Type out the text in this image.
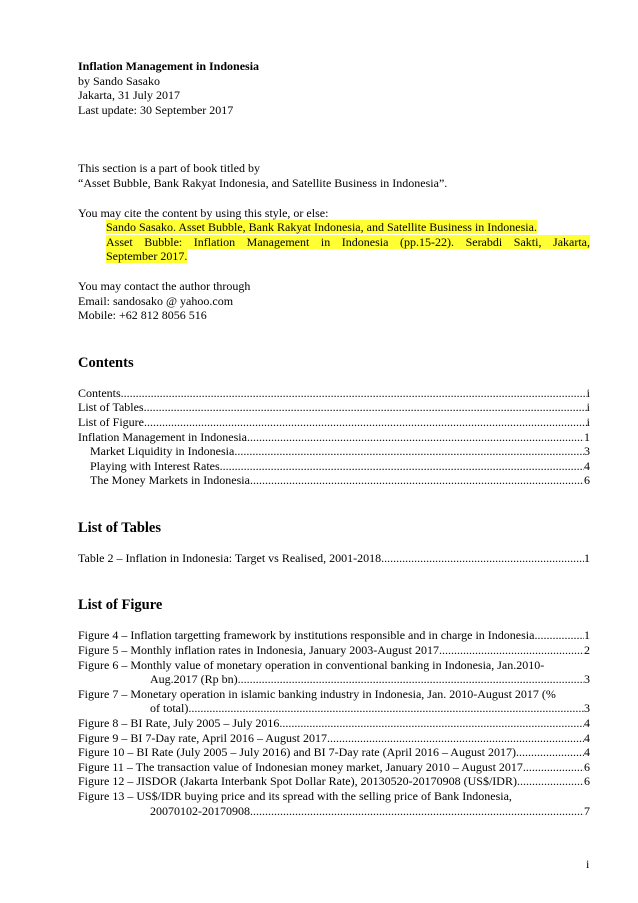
Inflation Management in Indonesia
by Sando Sasako
Jakarta, 31 July 2017
Last update: 30 September 2017
This section is a part of book titled by
“Asset Bubble, Bank Rakyat Indonesia, and Satellite Business in Indonesia”.
You may cite the content by using this style, or else:
Sando Sasako. Asset Bubble, Bank Rakyat Indonesia, and Satellite Business in Indonesia.
Asset Bubble: Inflation Management in Indonesia (pp.15-22). Serabdi Sakti, Jakarta,
September 2017.
You may contact the author through
Email: sandosako @ yahoo.com
Mobile: +62 812 8056 516
Contents
Contents .....	i
List of Tables .....	i
List of Figure .....	i
Inflation Management in Indonesia .....	1
Market Liquidity in Indonesia .....	3
Playing with Interest Rates .....	4
The Money Markets in Indonesia .....	6
List of Tables
Table 2 – Inflation in Indonesia: Target vs Realised, 2001-2018 .....	1
List of Figure
Figure 4 – Inflation targetting framework by institutions responsible and in charge in Indonesia .....	1
Figure 5 – Monthly inflation rates in Indonesia, January 2003-August 2017 .....	2
Figure 6 – Monthly value of monetary operation in conventional banking in Indonesia, Jan.2010-
Aug.2017 (Rp bn) .....	3
Figure 7 – Monetary operation in islamic banking industry in Indonesia, Jan. 2010-August 2017 (%
of total) .....	3
Figure 8 – BI Rate, July 2005 – July 2016 .....	4
Figure 9 – BI 7-Day rate, April 2016 – August 2017 .....	4
Figure 10 – BI Rate (July 2005 – July 2016) and BI 7-Day rate (April 2016 – August 2017) .....	4
Figure 11 – The transaction value of Indonesian money market, January 2010 – August 2017 .....	6
Figure 12 – JISDOR (Jakarta Interbank Spot Dollar Rate), 20130520-20170908 (US$/IDR) .....	6
Figure 13 – US$/IDR buying price and its spread with the selling price of Bank Indonesia,
20070102-20170908 .....	7
i
